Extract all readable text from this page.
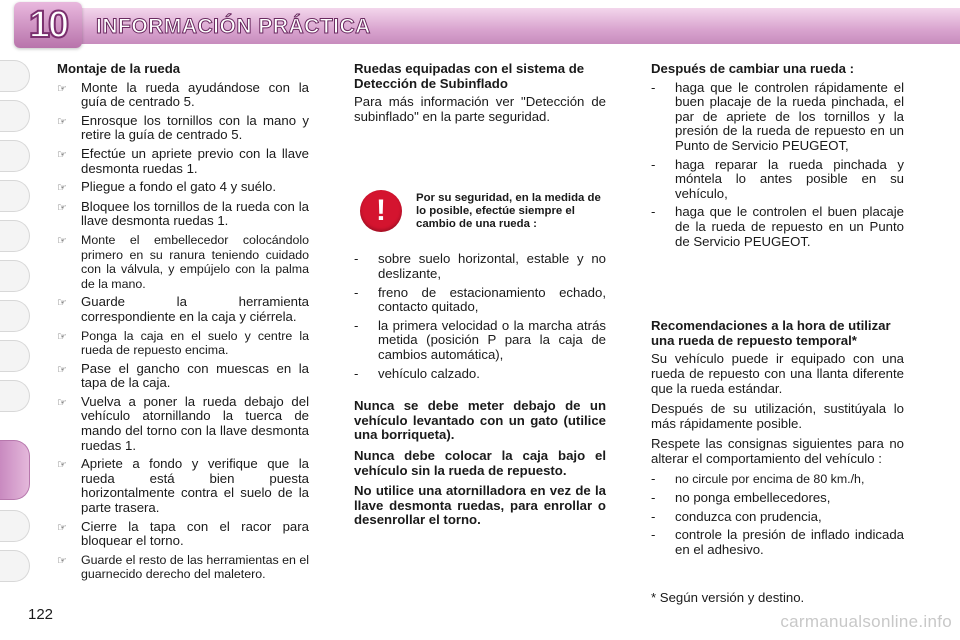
10 INFORMACIÓN PRÁCTICA
Montaje de la rueda
☞	Monte la rueda ayudándose con la guía de centrado 5.
☞	Enrosque los tornillos con la mano y retire la guía de centrado 5.
☞	Efectúe un apriete previo con la llave desmonta ruedas 1.
☞	Pliegue a fondo el gato 4 y suélo.
☞	Bloquee los tornillos de la rueda con la llave desmonta ruedas 1.
☞	Monte el embellecedor colocándolo primero en su ranura teniendo cuidado con la válvula, y empújelo con la palma de la mano.
☞	Guarde la herramienta correspondiente en la caja y ciérrela.
☞	Ponga la caja en el suelo y centre la rueda de repuesto encima.
☞	Pase el gancho con muescas en la tapa de la caja.
☞	Vuelva a poner la rueda debajo del vehículo atornillando la tuerca de mando del torno con la llave desmonta ruedas 1.
☞	Apriete a fondo y verifique que la rueda está bien puesta horizontalmente contra el suelo de la parte trasera.
☞	Cierre la tapa con el racor para bloquear el torno.
☞	Guarde el resto de las herramientas en el guarnecido derecho del maletero.
Ruedas equipadas con el sistema de Detección de Subinflado

Para más información ver "Detección de subinflado" en la parte seguridad.

!	Por su seguridad, en la medida de lo posible, efectúe siempre el cambio de una rueda :
-	sobre suelo horizontal, estable y no deslizante,
-	freno de estacionamiento echado, contacto quitado,
-	la primera velocidad o la marcha atrás metida (posición P para la caja de cambios automática),
-	vehículo calzado.

Nunca se debe meter debajo de un vehículo levantado con un gato (utilice una borriqueta).

Nunca debe colocar la caja bajo el vehículo sin la rueda de repuesto.

No utilice una atornilladora en vez de la llave desmonta ruedas, para enrollar o desenrollar el torno.

Después de cambiar una rueda :
-	haga que le controlen rápidamente el buen placaje de la rueda pinchada, el par de apriete de los tornillos y la presión de la rueda de repuesto en un Punto de Servicio PEUGEOT,
-	haga reparar la rueda pinchada y móntela lo antes posible en su vehículo,
-	haga que le controlen el buen placaje de la rueda de repuesto en un Punto de Servicio PEUGEOT.
Recomendaciones a la hora de utilizar una rueda de repuesto temporal*

Su vehículo puede ir equipado con una rueda de repuesto con una llanta diferente que la rueda estándar.

Después de su utilización, sustitúyala lo más rápidamente posible.

Respete las consignas siguientes para no alterar el comportamiento del vehículo :

-	no circule por encima de 80 km./h,
-	no ponga embellecedores,
-	conduzca con prudencia,
-	controle la presión de inflado indicada en el adhesivo.
* Según versión y destino.
122	carmanualsonline.info
